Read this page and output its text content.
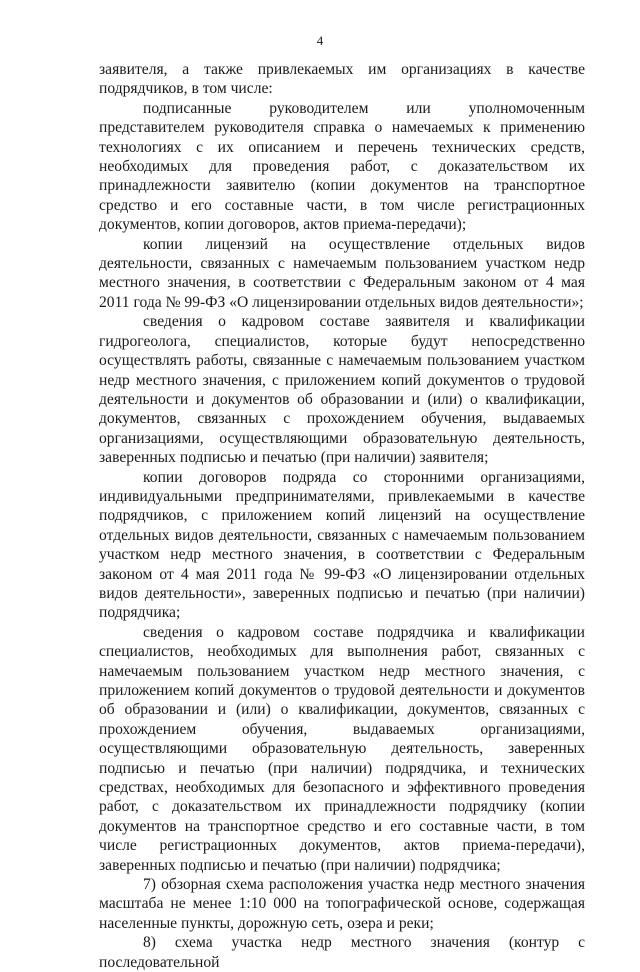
4

заявителя, а также привлекаемых им организациях в качестве подрядчиков, в том числе:

подписанные руководителем или уполномоченным представителем руководителя справка о намечаемых к применению технологиях с их описанием и перечень технических средств, необходимых для проведения работ, с доказательством их принадлежности заявителю (копии документов на транспортное средство и его составные части, в том числе регистрационных документов, копии договоров, актов приема-передачи);

копии лицензий на осуществление отдельных видов деятельности, связанных с намечаемым пользованием участком недр местного значения, в соответствии с Федеральным законом от 4 мая 2011 года № 99-ФЗ «О лицензировании отдельных видов деятельности»;

сведения о кадровом составе заявителя и квалификации гидрогеолога, специалистов, которые будут непосредственно осуществлять работы, связанные с намечаемым пользованием участком недр местного значения, с приложением копий документов о трудовой деятельности и документов об образовании и (или) о квалификации, документов, связанных с прохождением обучения, выдаваемых организациями, осуществляющими образовательную деятельность, заверенных подписью и печатью (при наличии) заявителя;

копии договоров подряда со сторонними организациями, индивидуальными предпринимателями, привлекаемыми в качестве подрядчиков, с приложением копий лицензий на осуществление отдельных видов деятельности, связанных с намечаемым пользованием участком недр местного значения, в соответствии с Федеральным законом от 4 мая 2011 года № 99-ФЗ «О лицензировании отдельных видов деятельности», заверенных подписью и печатью (при наличии) подрядчика;

сведения о кадровом составе подрядчика и квалификации специалистов, необходимых для выполнения работ, связанных с намечаемым пользованием участком недр местного значения, с приложением копий документов о трудовой деятельности и документов об образовании и (или) о квалификации, документов, связанных с прохождением обучения, выдаваемых организациями, осуществляющими образовательную деятельность, заверенных подписью и печатью (при наличии) подрядчика, и технических средствах, необходимых для безопасного и эффективного проведения работ, с доказательством их принадлежности подрядчику (копии документов на транспортное средство и его составные части, в том числе регистрационных документов, актов приема-передачи), заверенных подписью и печатью (при наличии) подрядчика;

7) обзорная схема расположения участка недр местного значения масштаба не менее 1:10 000 на топографической основе, содержащая населенные пункты, дорожную сеть, озера и реки;

8) схема участка недр местного значения (контур с последовательной
